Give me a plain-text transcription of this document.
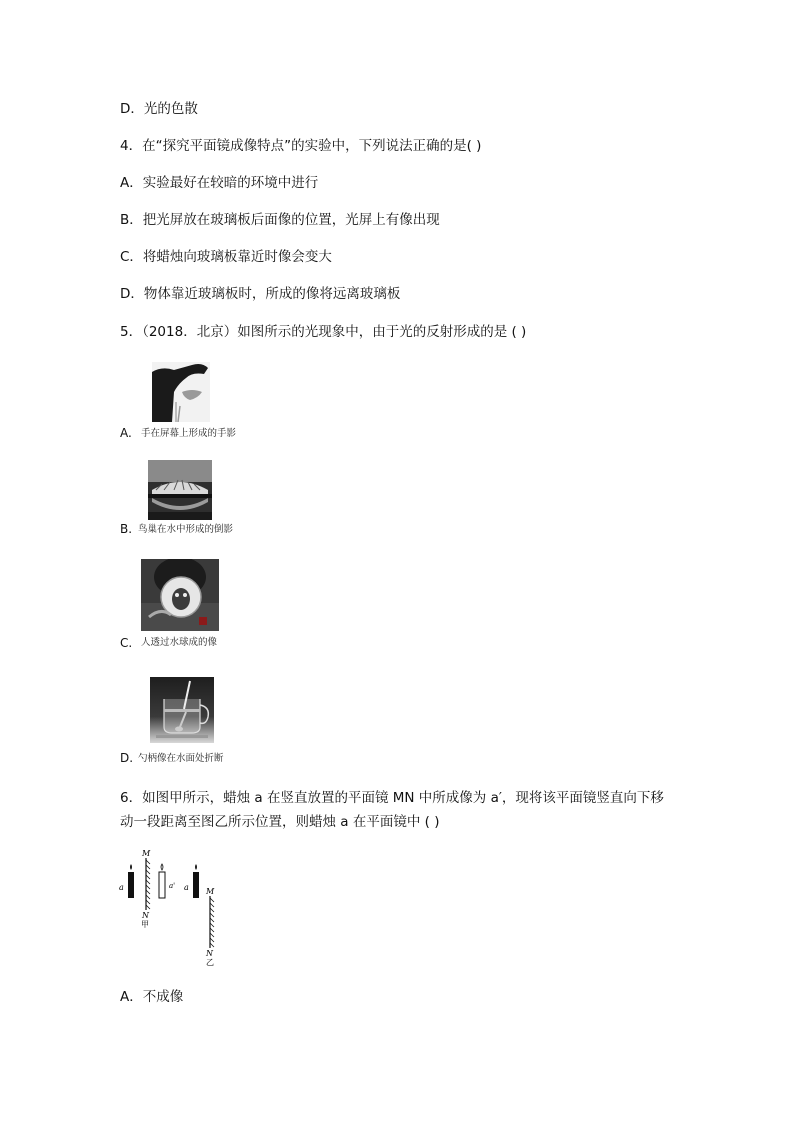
D．光的色散
4．在“探究平面镜成像特点”的实验中，下列说法正确的是( )
A．实验最好在较暗的环境中进行
B．把光屏放在玻璃板后面像的位置，光屏上有像出现
C．将蜡烛向玻璃板靠近时像会变大
D．物体靠近玻璃板时，所成的像将远离玻璃板
5．（2018．北京）如图所示的光现象中，由于光的反射形成的是 ( )
A. 手在屏幕上形成的手影
B. 鸟巢在水中形成的倒影
C. 人透过水球成的像
D. 勺柄像在水面处折断
6．如图甲所示，蜡烛 a 在竖直放置的平面镜 MN 中所成像为 a′，现将该平面镜竖直向下移
动一段距离至图乙所示位置，则蜡烛 a 在平面镜中 ( )
M
N
甲
a	a' a M
N
乙
A．不成像
